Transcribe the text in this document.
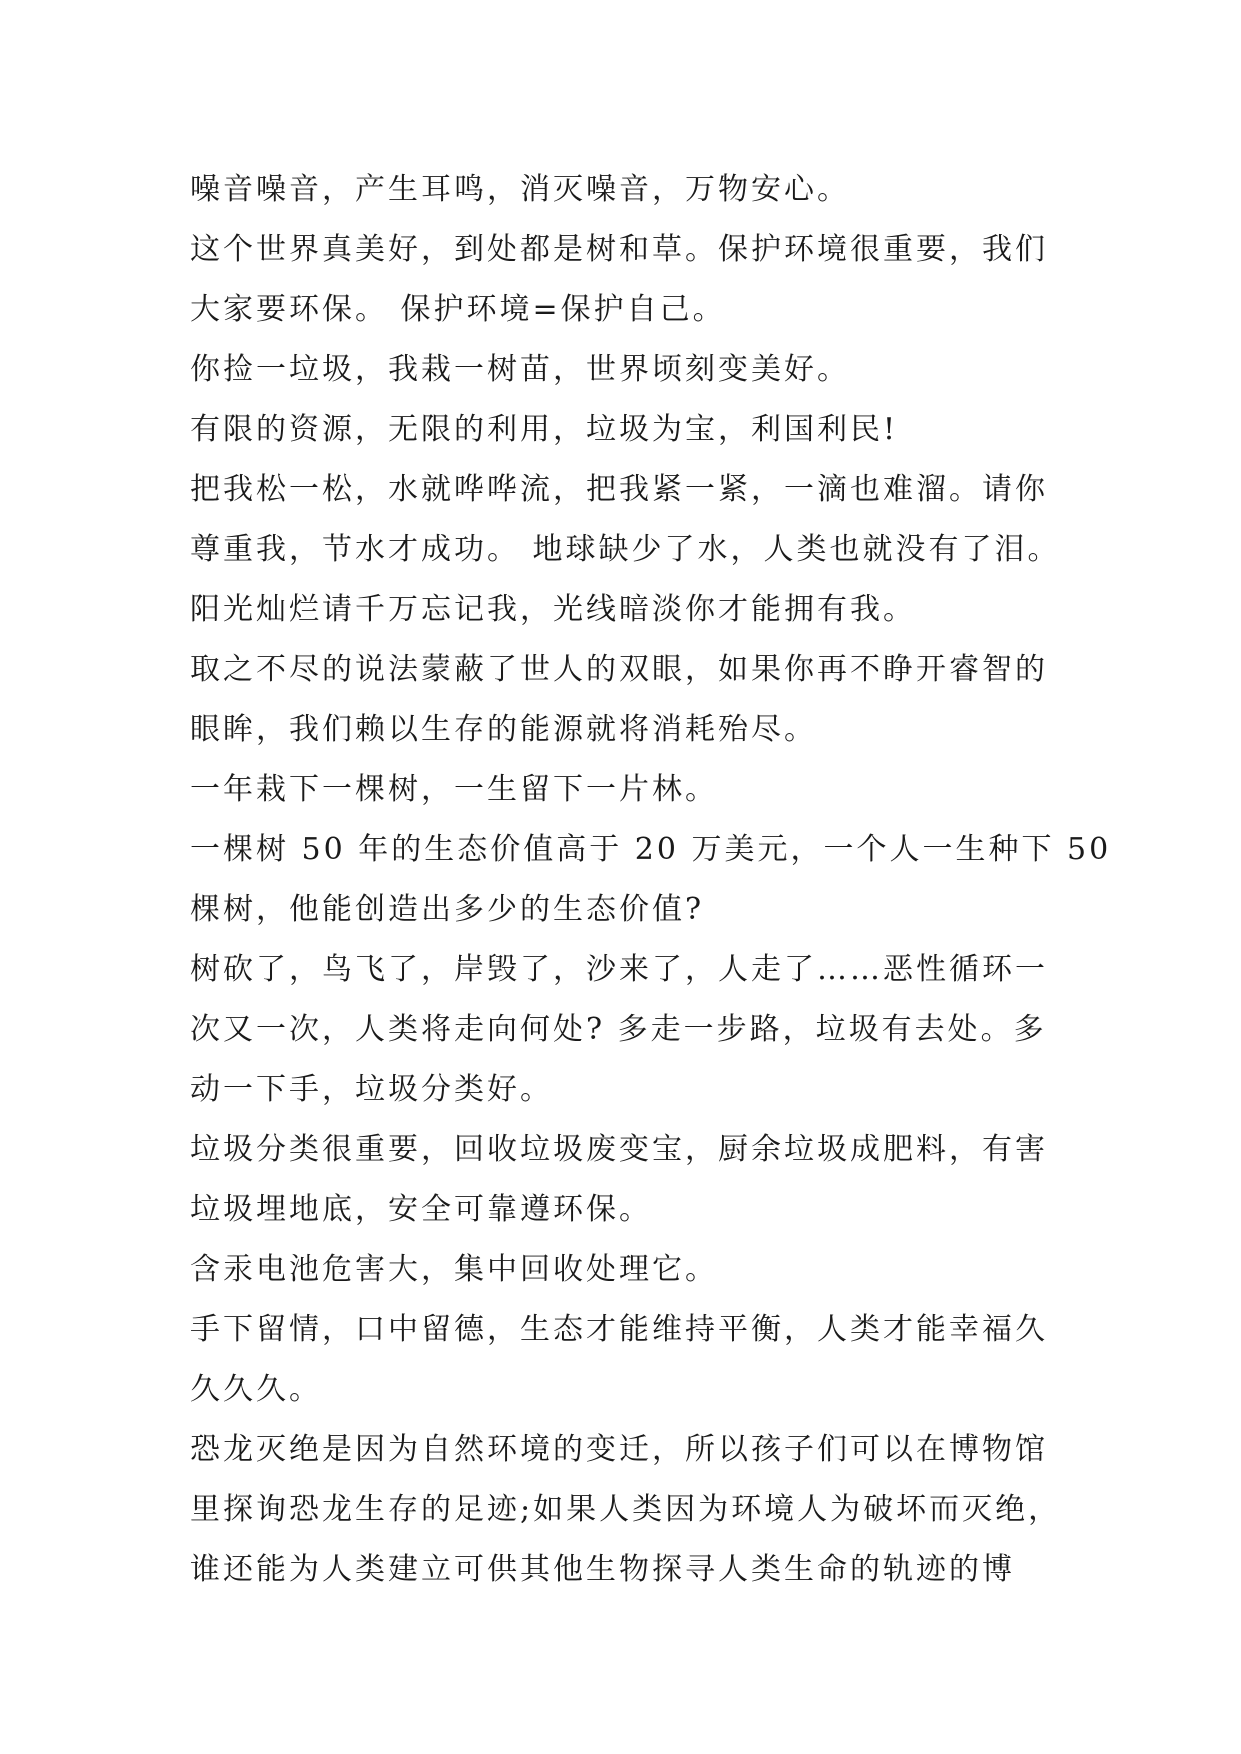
噪音噪音，产生耳鸣，消灭噪音，万物安心。
这个世界真美好，到处都是树和草。保护环境很重要，我们
大家要环保。 保护环境=保护自己。
你捡一垃圾，我栽一树苗，世界顷刻变美好。
有限的资源，无限的利用，垃圾为宝，利国利民!
把我松一松，水就哗哗流，把我紧一紧，一滴也难溜。请你
尊重我，节水才成功。 地球缺少了水，人类也就没有了泪。
阳光灿烂请千万忘记我，光线暗淡你才能拥有我。
取之不尽的说法蒙蔽了世人的双眼，如果你再不睁开睿智的
眼眸，我们赖以生存的能源就将消耗殆尽。
一年栽下一棵树，一生留下一片林。
一棵树 50 年的生态价值高于 20 万美元，一个人一生种下 50
棵树，他能创造出多少的生态价值?
树砍了，鸟飞了，岸毁了，沙来了，人走了……恶性循环一
次又一次，人类将走向何处? 多走一步路，垃圾有去处。多
动一下手，垃圾分类好。
垃圾分类很重要，回收垃圾废变宝，厨余垃圾成肥料，有害
垃圾埋地底，安全可靠遵环保。
含汞电池危害大，集中回收处理它。
手下留情，口中留德，生态才能维持平衡，人类才能幸福久
久久久。
恐龙灭绝是因为自然环境的变迁，所以孩子们可以在博物馆
里探询恐龙生存的足迹;如果人类因为环境人为破坏而灭绝，
谁还能为人类建立可供其他生物探寻人类生命的轨迹的博
